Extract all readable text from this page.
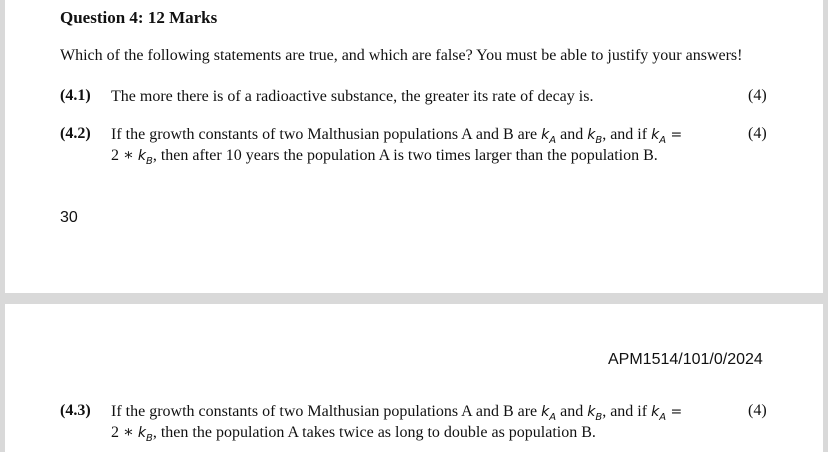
Question 4: 12 Marks
Which of the following statements are true, and which are false? You must be able to justify your answers!
(4.1) The more there is of a radioactive substance, the greater its rate of decay is.	(4)
(4.2) If the growth constants of two Malthusian populations A and B are $k_A$ and $k_B$, and if $k_A$ =
2 ∗ $k_B$, then after 10 years the population A is two times larger than the population B.
(4)
30
APM1514/101/0/2024
(4.3) If the growth constants of two Malthusian populations A and B are $k_A$ and $k_B$, and if $k_A$ =
2 ∗ $k_B$, then the population A takes twice as long to double as population B.
(4)
